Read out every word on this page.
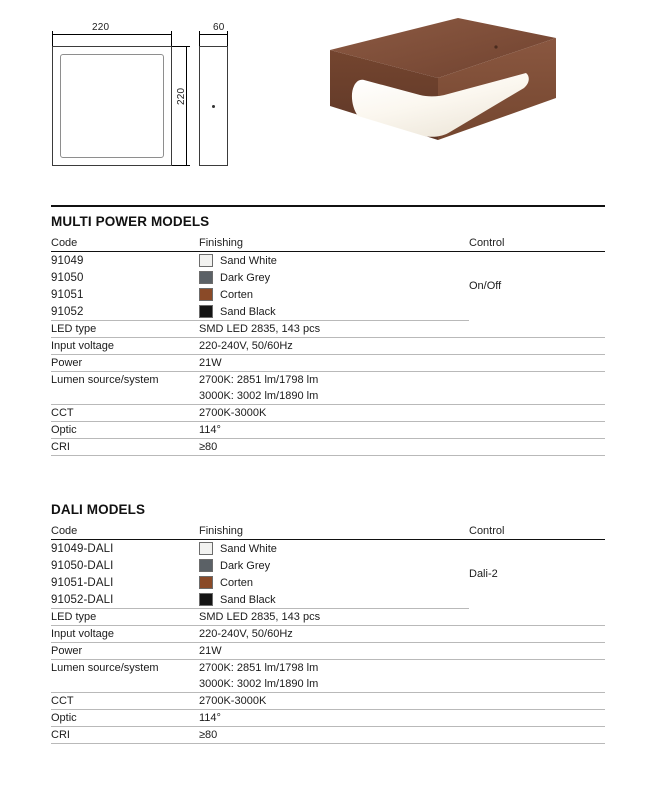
220	60
220
MULTI POWER MODELS
Code	Finishing	Control
91049	Sand White	On/Off
91050	Dark Grey	

91051	Corten	

91052	Sand Black	

LED type	SMD LED 2835, 143 pcs	
Input voltage	220-240V, 50/60Hz	
Power	21W	
Lumen source/system	2700K: 2851 lm/1798 lm	
	3000K: 3002 lm/1890 lm	
CCT	2700K-3000K	
Optic	114°	
CRI	≥80	
DALI MODELS
Code	Finishing	Control
91049-DALI	Sand White	Dali-2
91050-DALI	Dark Grey	

91051-DALI	Corten	

91052-DALI	Sand Black	

LED type	SMD LED 2835, 143 pcs	
Input voltage	220-240V, 50/60Hz	
Power	21W	
Lumen source/system	2700K: 2851 lm/1798 lm	
	3000K: 3002 lm/1890 lm	
CCT	2700K-3000K	
Optic	114°	
CRI	≥80	
